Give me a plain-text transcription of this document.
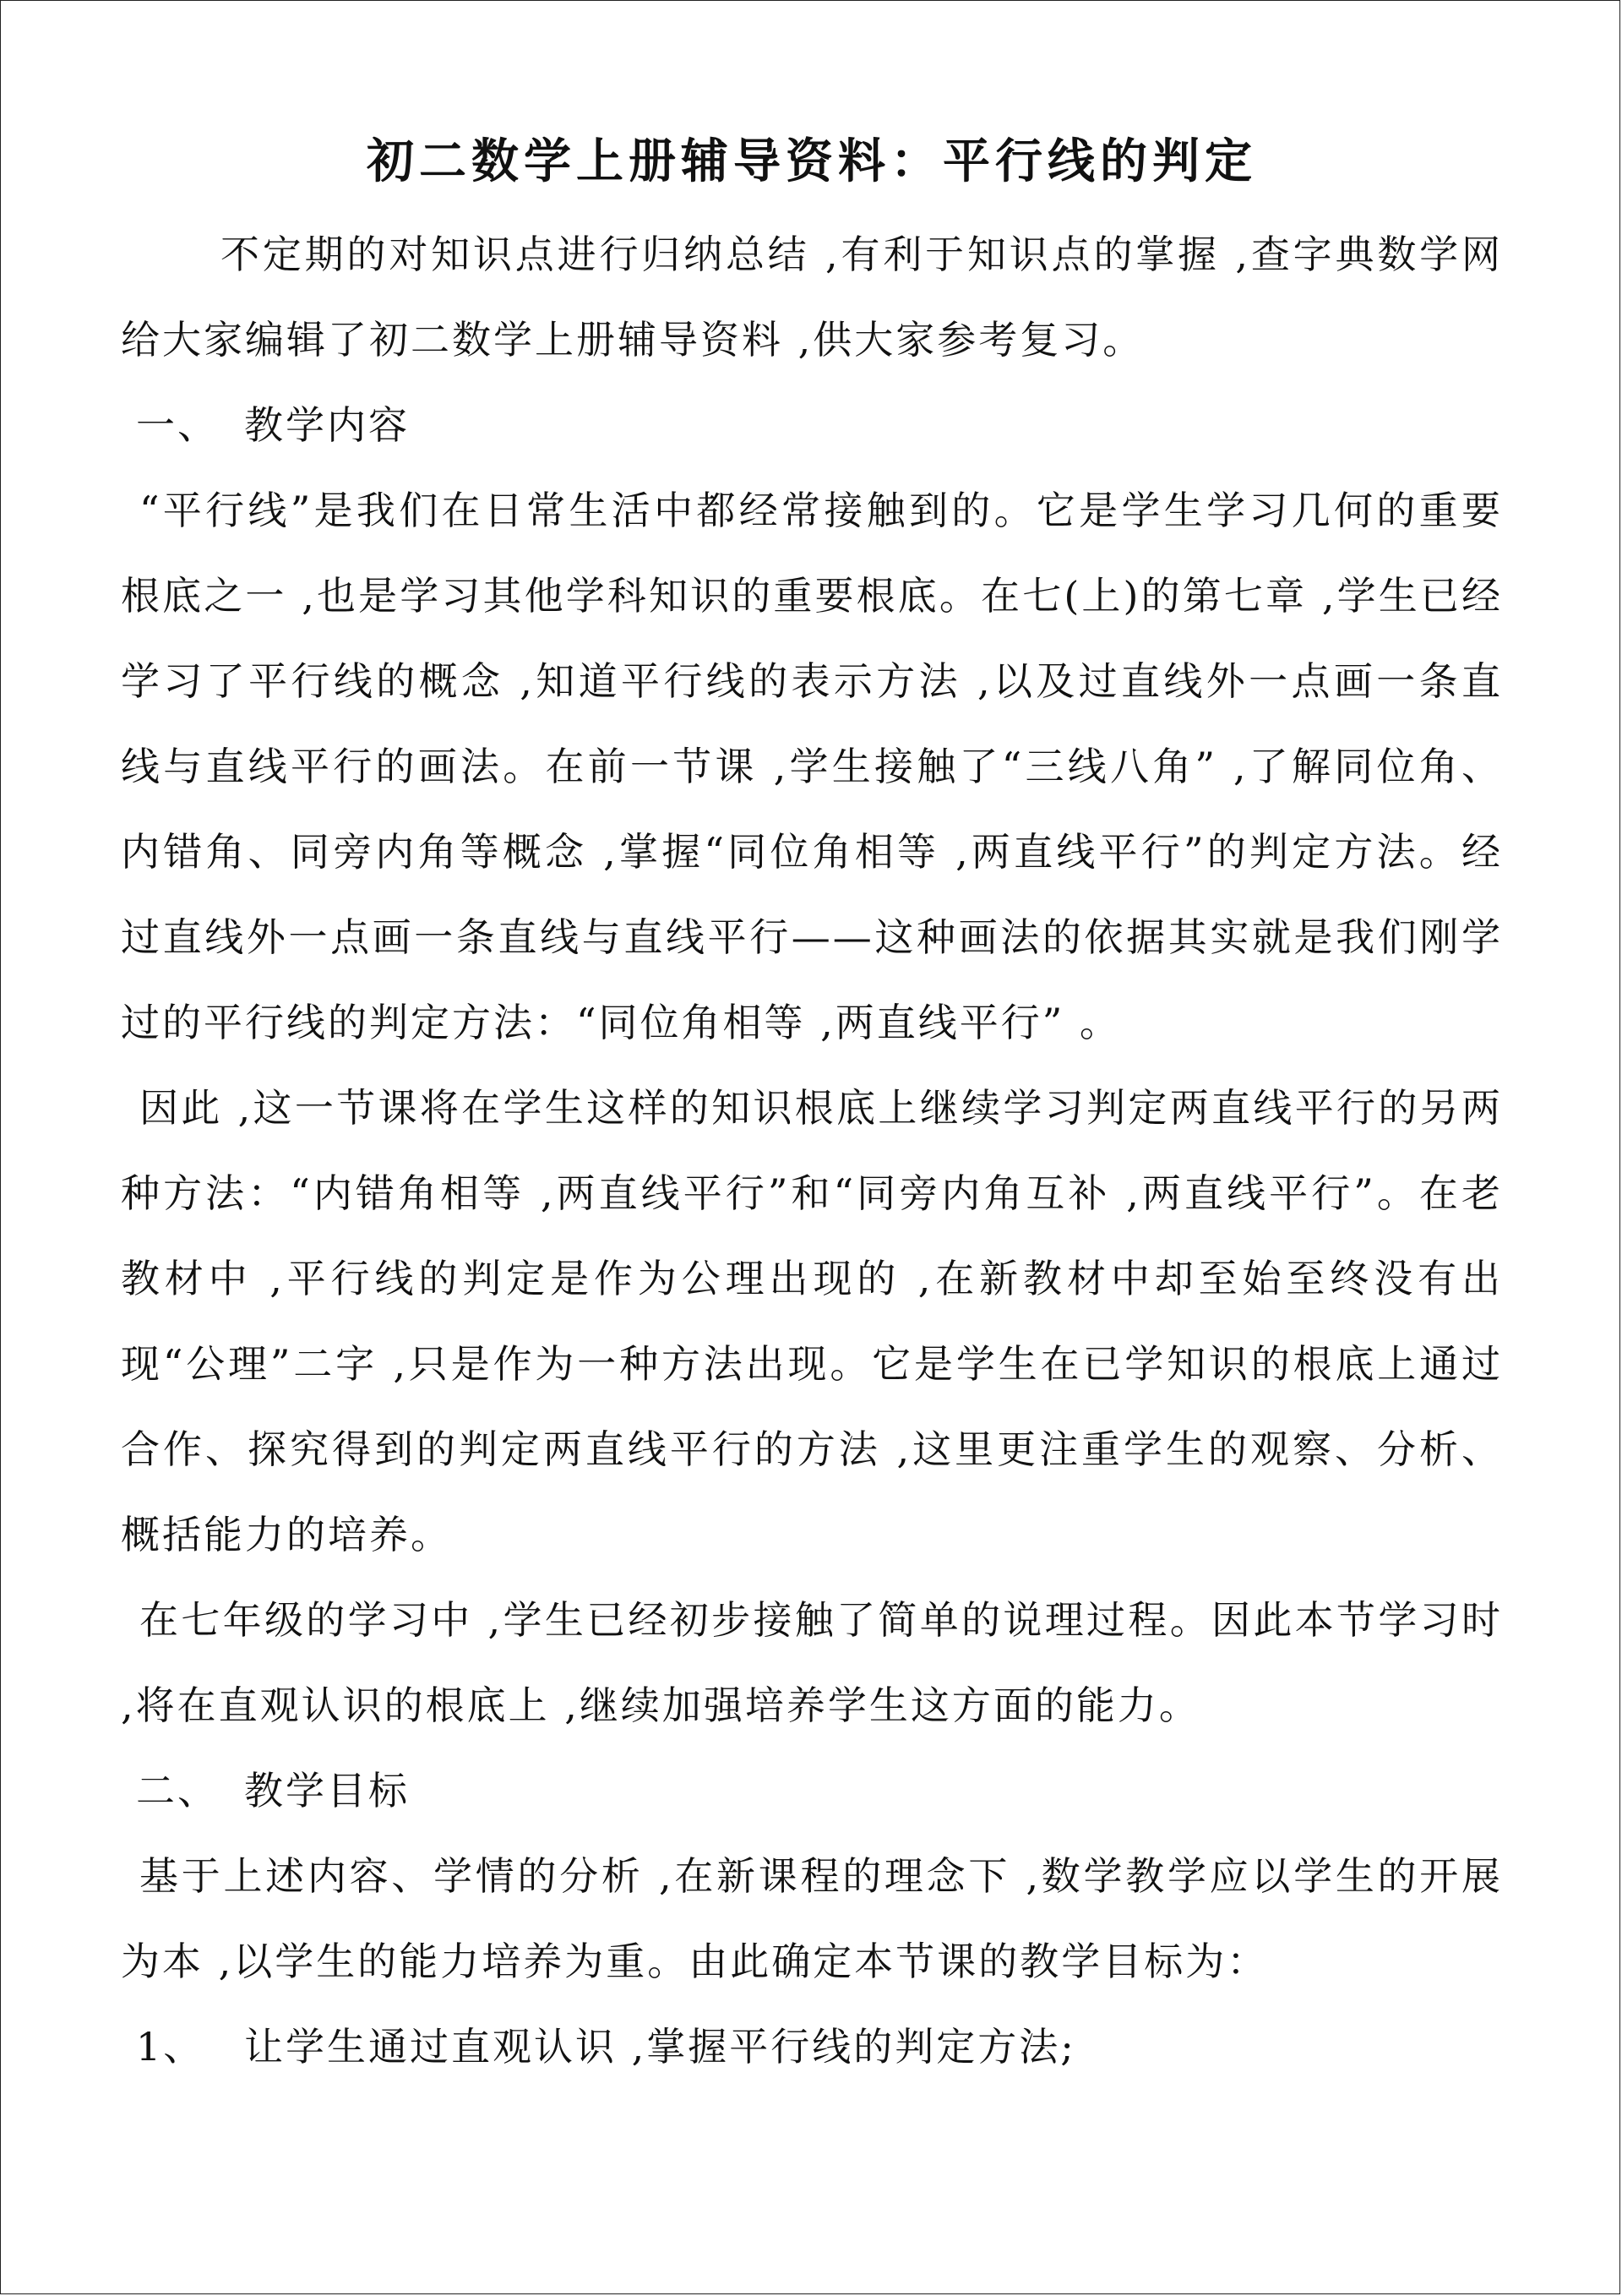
初二数学上册辅导资料：平行线的判定

不定期的对知识点进行归纳总结 ,有利于知识点的掌握 ,查字典数学网给大家编辑了初二数学上册辅导资料 ,供大家参考复习。

一、 教学内容

“平行线”是我们在日常生活中都经常接触到的。它是学生学习几何的重要根底之一 ,也是学习其他学科知识的重要根底。在七(上)的第七章 ,学生已经学习了平行线的概念 ,知道平行线的表示方法 ,以及过直线外一点画一条直线与直线平行的画法。在前一节课 ,学生接触了“三线八角” ,了解同位角、内错角、同旁内角等概念 ,掌握“同位角相等 ,两直线平行”的判定方法。经过直线外一点画一条直线与直线平行——这种画法的依据其实就是我们刚学过的平行线的判定方法：“同位角相等 ,两直线平行” 。

因此 ,这一节课将在学生这样的知识根底上继续学习判定两直线平行的另两种方法：“内错角相等 ,两直线平行”和“同旁内角互补 ,两直线平行”。在老教材中 ,平行线的判定是作为公理出现的 ,在新教材中却至始至终没有出现“公理”二字 ,只是作为一种方法出现。它是学生在已学知识的根底上通过合作、探究得到的判定两直线平行的方法 ,这里更注重学生的观察、分析、概括能力的培养。

在七年级的学习中 ,学生已经初步接触了简单的说理过程。因此本节学习时 ,将在直观认识的根底上 ,继续加强培养学生这方面的能力。

二、 教学目标

基于上述内容、学情的分析 ,在新课程的理念下 ,数学教学应以学生的开展为本 ,以学生的能力培养为重。由此确定本节课的教学目标为：

1、 让学生通过直观认识 ,掌握平行线的判定方法;
